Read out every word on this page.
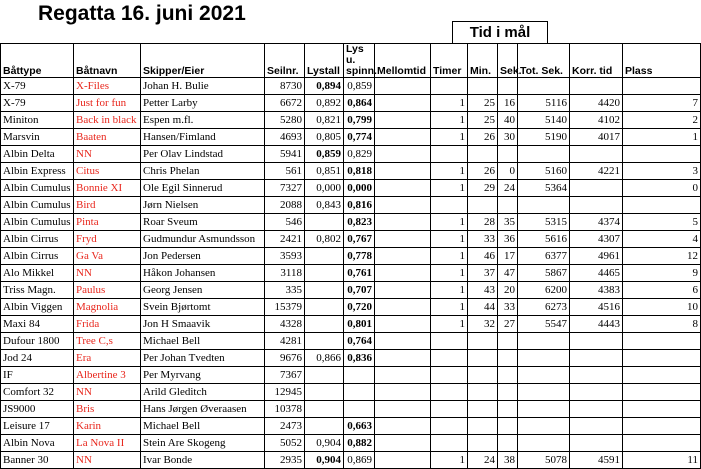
Regatta 16. juni 2021
Tid i mål
Båttype	Båtnavn	Skipper/Eier	Seilnr.	Lystall	Lys u. spinn.	Mellomtid	Timer	Min.	Sek.	Tot. Sek.	Korr. tid	Plass
X-79	X-Files	Johan H. Bulie	8730	0,894	0,859							
X-79	Just for fun	Petter Larby	6672	0,892	0,864		1	25	16	5116	4420	7
Miniton	Back in black	Espen m.fl.	5280	0,821	0,799		1	25	40	5140	4102	2
Marsvin	Baaten	Hansen/Fimland	4693	0,805	0,774		1	26	30	5190	4017	1
Albin Delta	NN	Per Olav Lindstad	5941	0,859	0,829							
Albin Express	Citus	Chris Phelan	561	0,851	0,818		1	26	0	5160	4221	3
Albin Cumulus	Bonnie XI	Ole Egil Sinnerud	7327	0,000	0,000		1	29	24	5364		0
Albin Cumulus	Bird	Jørn Nielsen	2088	0,843	0,816							
Albin Cumulus	Pinta	Roar Sveum	546		0,823		1	28	35	5315	4374	5
Albin Cirrus	Fryd	Gudmundur Asmundsson	2421	0,802	0,767		1	33	36	5616	4307	4
Albin Cirrus	Ga Va	Jon Pedersen	3593		0,778		1	46	17	6377	4961	12
Alo Mikkel	NN	Håkon Johansen	3118		0,761		1	37	47	5867	4465	9
Triss Magn.	Paulus	Georg Jensen	335		0,707		1	43	20	6200	4383	6
Albin Viggen	Magnolia	Svein Bjørtomt	15379		0,720		1	44	33	6273	4516	10
Maxi 84	Frida	Jon H Smaavik	4328		0,801		1	32	27	5547	4443	8
Dufour 1800	Tree C,s	Michael Bell	4281		0,764							
Jod 24	Era	Per Johan Tvedten	9676	0,866	0,836							
IF	Albertine 3	Per Myrvang	7367									
Comfort 32	NN	Arild Gleditch	12945									
JS9000	Bris	Hans Jørgen Øveraasen	10378									
Leisure 17	Karin	Michael Bell	2473		0,663							
Albin Nova	La Nova II	Stein Are Skogeng	5052	0,904	0,882							
Banner 30	NN	Ivar Bonde	2935	0,904	0,869		1	24	38	5078	4591	11
